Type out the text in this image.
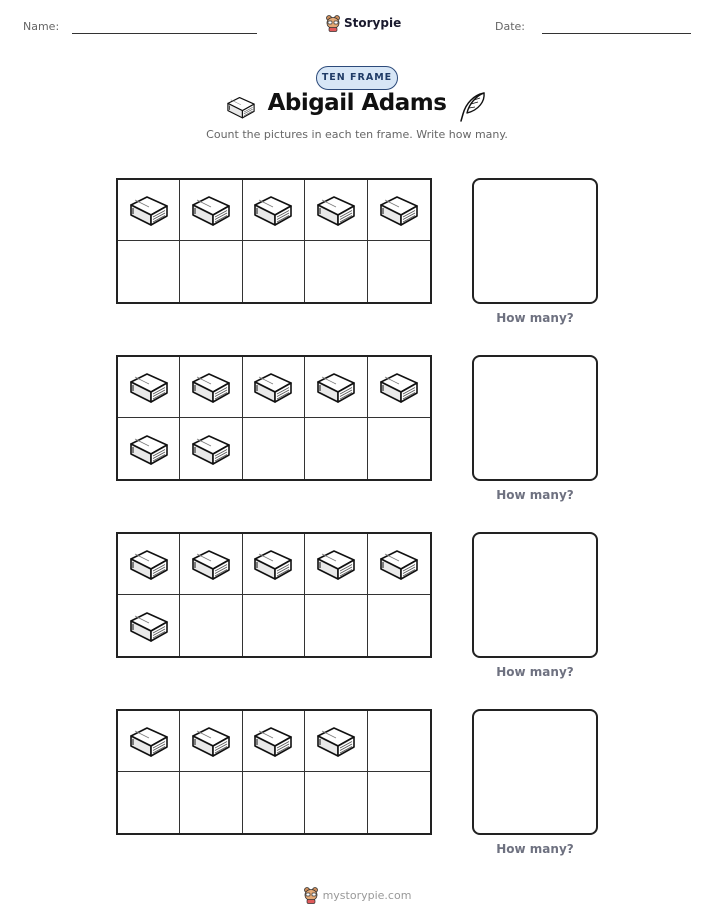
Name:	Storypie	Date:
TEN FRAME
Abigail Adams
Count the pictures in each ten frame. Write how many.
How many?
How many?
How many?
How many?
mystorypie.com
